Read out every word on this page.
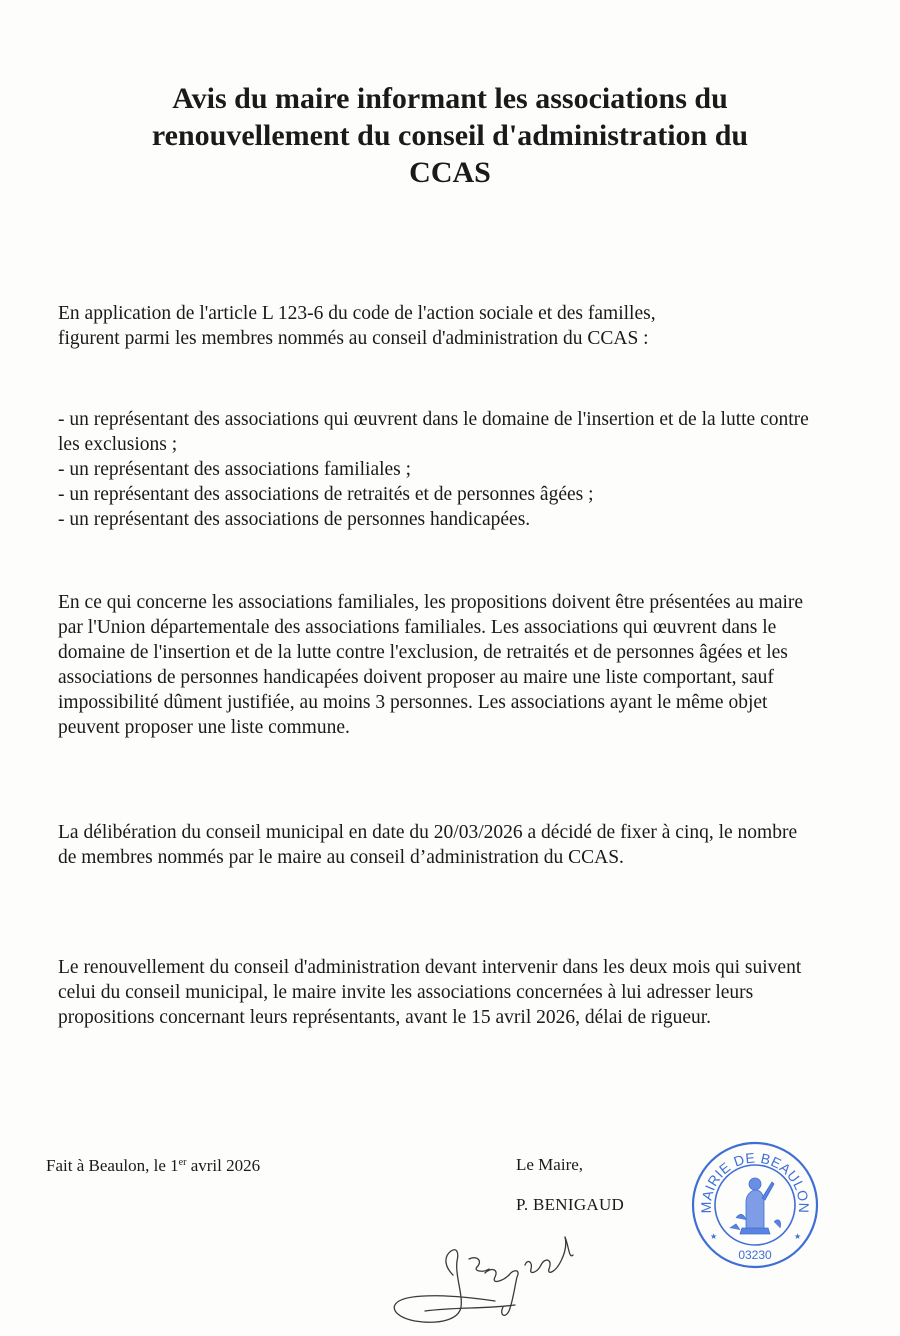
Avis du maire informant les associations du
renouvellement du conseil d'administration du
CCAS

En application de l'article L 123-6 du code de l'action sociale et des familles,
figurent parmi les membres nommés au conseil d'administration du CCAS :

- un représentant des associations qui œuvrent dans le domaine de l'insertion et de la lutte contre les exclusions ;
- un représentant des associations familiales ;
- un représentant des associations de retraités et de personnes âgées ;
- un représentant des associations de personnes handicapées.

En ce qui concerne les associations familiales, les propositions doivent être présentées au maire par l'Union départementale des associations familiales. Les associations qui œuvrent dans le domaine de l'insertion et de la lutte contre l'exclusion, de retraités et de personnes âgées et les associations de personnes handicapées doivent proposer au maire une liste comportant, sauf impossibilité dûment justifiée, au moins 3 personnes. Les associations ayant le même objet peuvent proposer une liste commune.

La délibération du conseil municipal en date du 20/03/2026 a décidé de fixer à cinq, le nombre de membres nommés par le maire au conseil d’administration du CCAS.

Le renouvellement du conseil d'administration devant intervenir dans les deux mois qui suivent celui du conseil municipal, le maire invite les associations concernées à lui adresser leurs propositions concernant leurs représentants, avant le 15 avril 2026, délai de rigueur.

Fait à Beaulon, le 1er avril 2026	Le Maire,
P. BENIGAUD	MAIRIE DE BEAULON
03230
★	★
